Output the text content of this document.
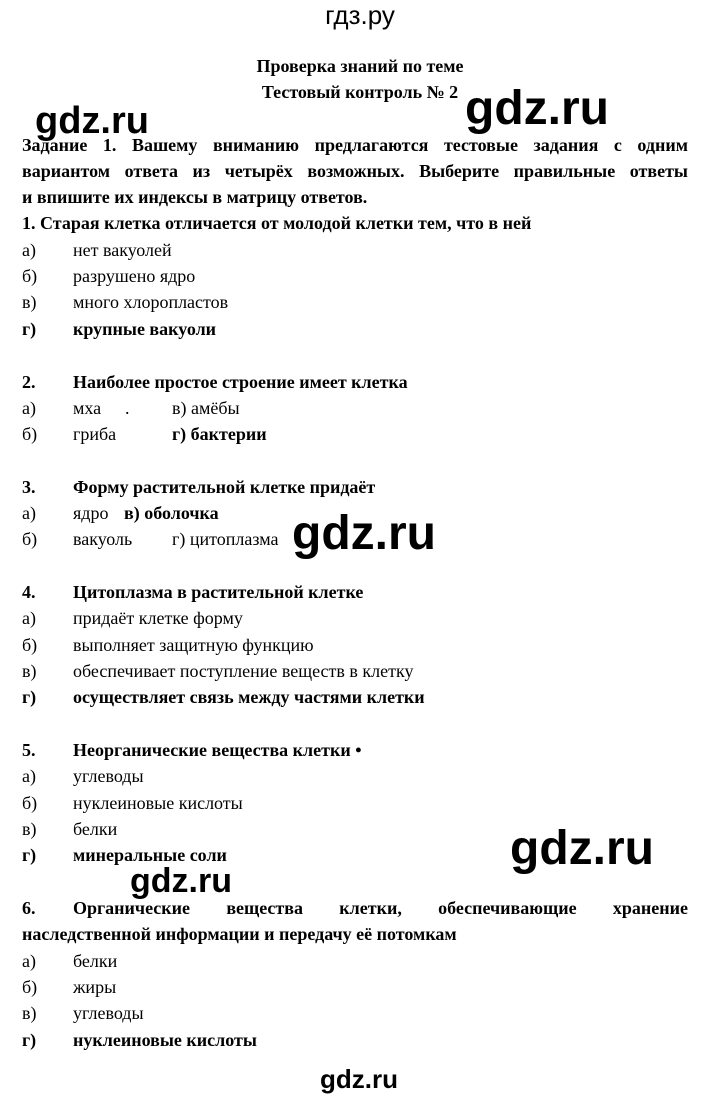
гдз.ру
Проверка знаний по теме
Тестовый контроль № 2
gdz.ru	gdz.ru
gdz.ru
gdz.ru
gdz.ru
gdz.ru
Задание 1. Вашему вниманию предлагаются тестовые задания с одним
вариантом ответа из четырёх возможных. Выберите правильные ответы
и впишите их индексы в матрицу ответов.
1. Старая клетка отличается от молодой клетки тем, что в ней
а) нет вакуолей
б) разрушено ядро
в) много хлоропластов
г) крупные вакуоли
2. Наиболее простое строение имеет клетка
а) мха . в) амёбы
б) гриба	г) бактерии
3. Форму растительной клетке придаёт
а) ядро в) оболочка
б) вакуоль г) цитоплазма
4. Цитоплазма в растительной клетке
а) придаёт клетке форму
б) выполняет защитную функцию
в) обеспечивает поступление веществ в клетку
г) осуществляет связь между частями клетки
5. Неорганические вещества клетки •
а) углеводы
б) нуклеиновые кислоты
в) белки
г) минеральные соли
6. Органические вещества клетки, обеспечивающие хранение
наследственной информации и передачу её потомкам
а) белки
б) жиры
в) углеводы
г) нуклеиновые кислоты
